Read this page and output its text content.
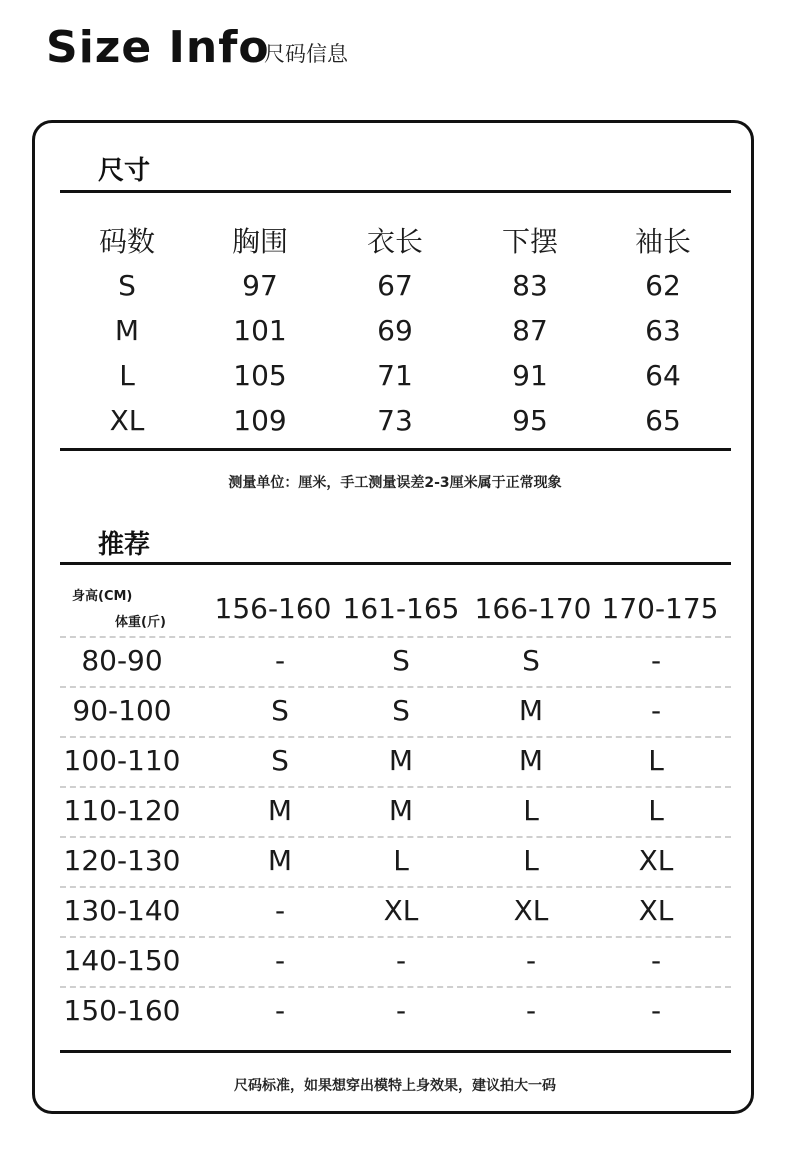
Size Info
尺码信息
尺寸
码数	胸围	衣长	下摆	袖长
S	97	67	83	62
M	101	69	87	63
L	105	71	91	64
XL	109	73	95	65
测量单位：厘米，手工测量误差2-3厘米属于正常现象
推荐
身高(CM)
体重(斤) 156-160 161-165 166-170 170-175
80-90	-	S	S	-
90-100	S	S	M	-
100-110	S	M	M	L
110-120	M	M	L	L
120-130	M	L	L	XL
130-140	-	XL	XL	XL
140-150	-	-	-	-
150-160	-	-	-	-
尺码标准，如果想穿出模特上身效果，建议拍大一码
